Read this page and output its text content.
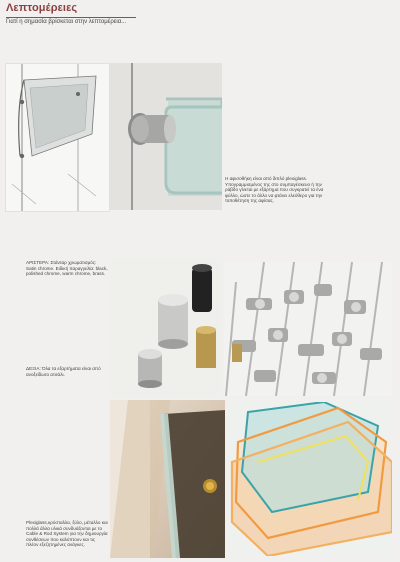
Λεπτομέρειες
Γιατί η σημασία βρίσκεται στην λεπτομέρεια...
Η αφισοθήκη είναι από διπλό plexiglass. Υπογραμμισμένος της στο συμπαγέσκευο ή την ράβδο γίνεται με εξάρτημα που συγκρατεί τα ένα φύλλο, ώστε το άλλο να φτάνει ελεύθερο για την τοποθέτηση της αφίσας.
ΑΡΙΣΤΕΡΑ: Στάνταρ χρωματισμός: Satin chrome. Ειδική παραγγελία: black, polished chrome, warm chrome, brass.
ΔΕΞΙΑ: Όλα τα εξαρτήματα είναι από ανοξείδωτο ατσάλι.
Plexiglass,κρύσταλλα, ξύλο, μέταλλο και πολλά άλλα υλικά συνδυάζονται με το Cable & Rod System για την δημιουργία συνθέσεων που καλύπτουν και τις πλέον εξεζητημένες ανάγκες.
